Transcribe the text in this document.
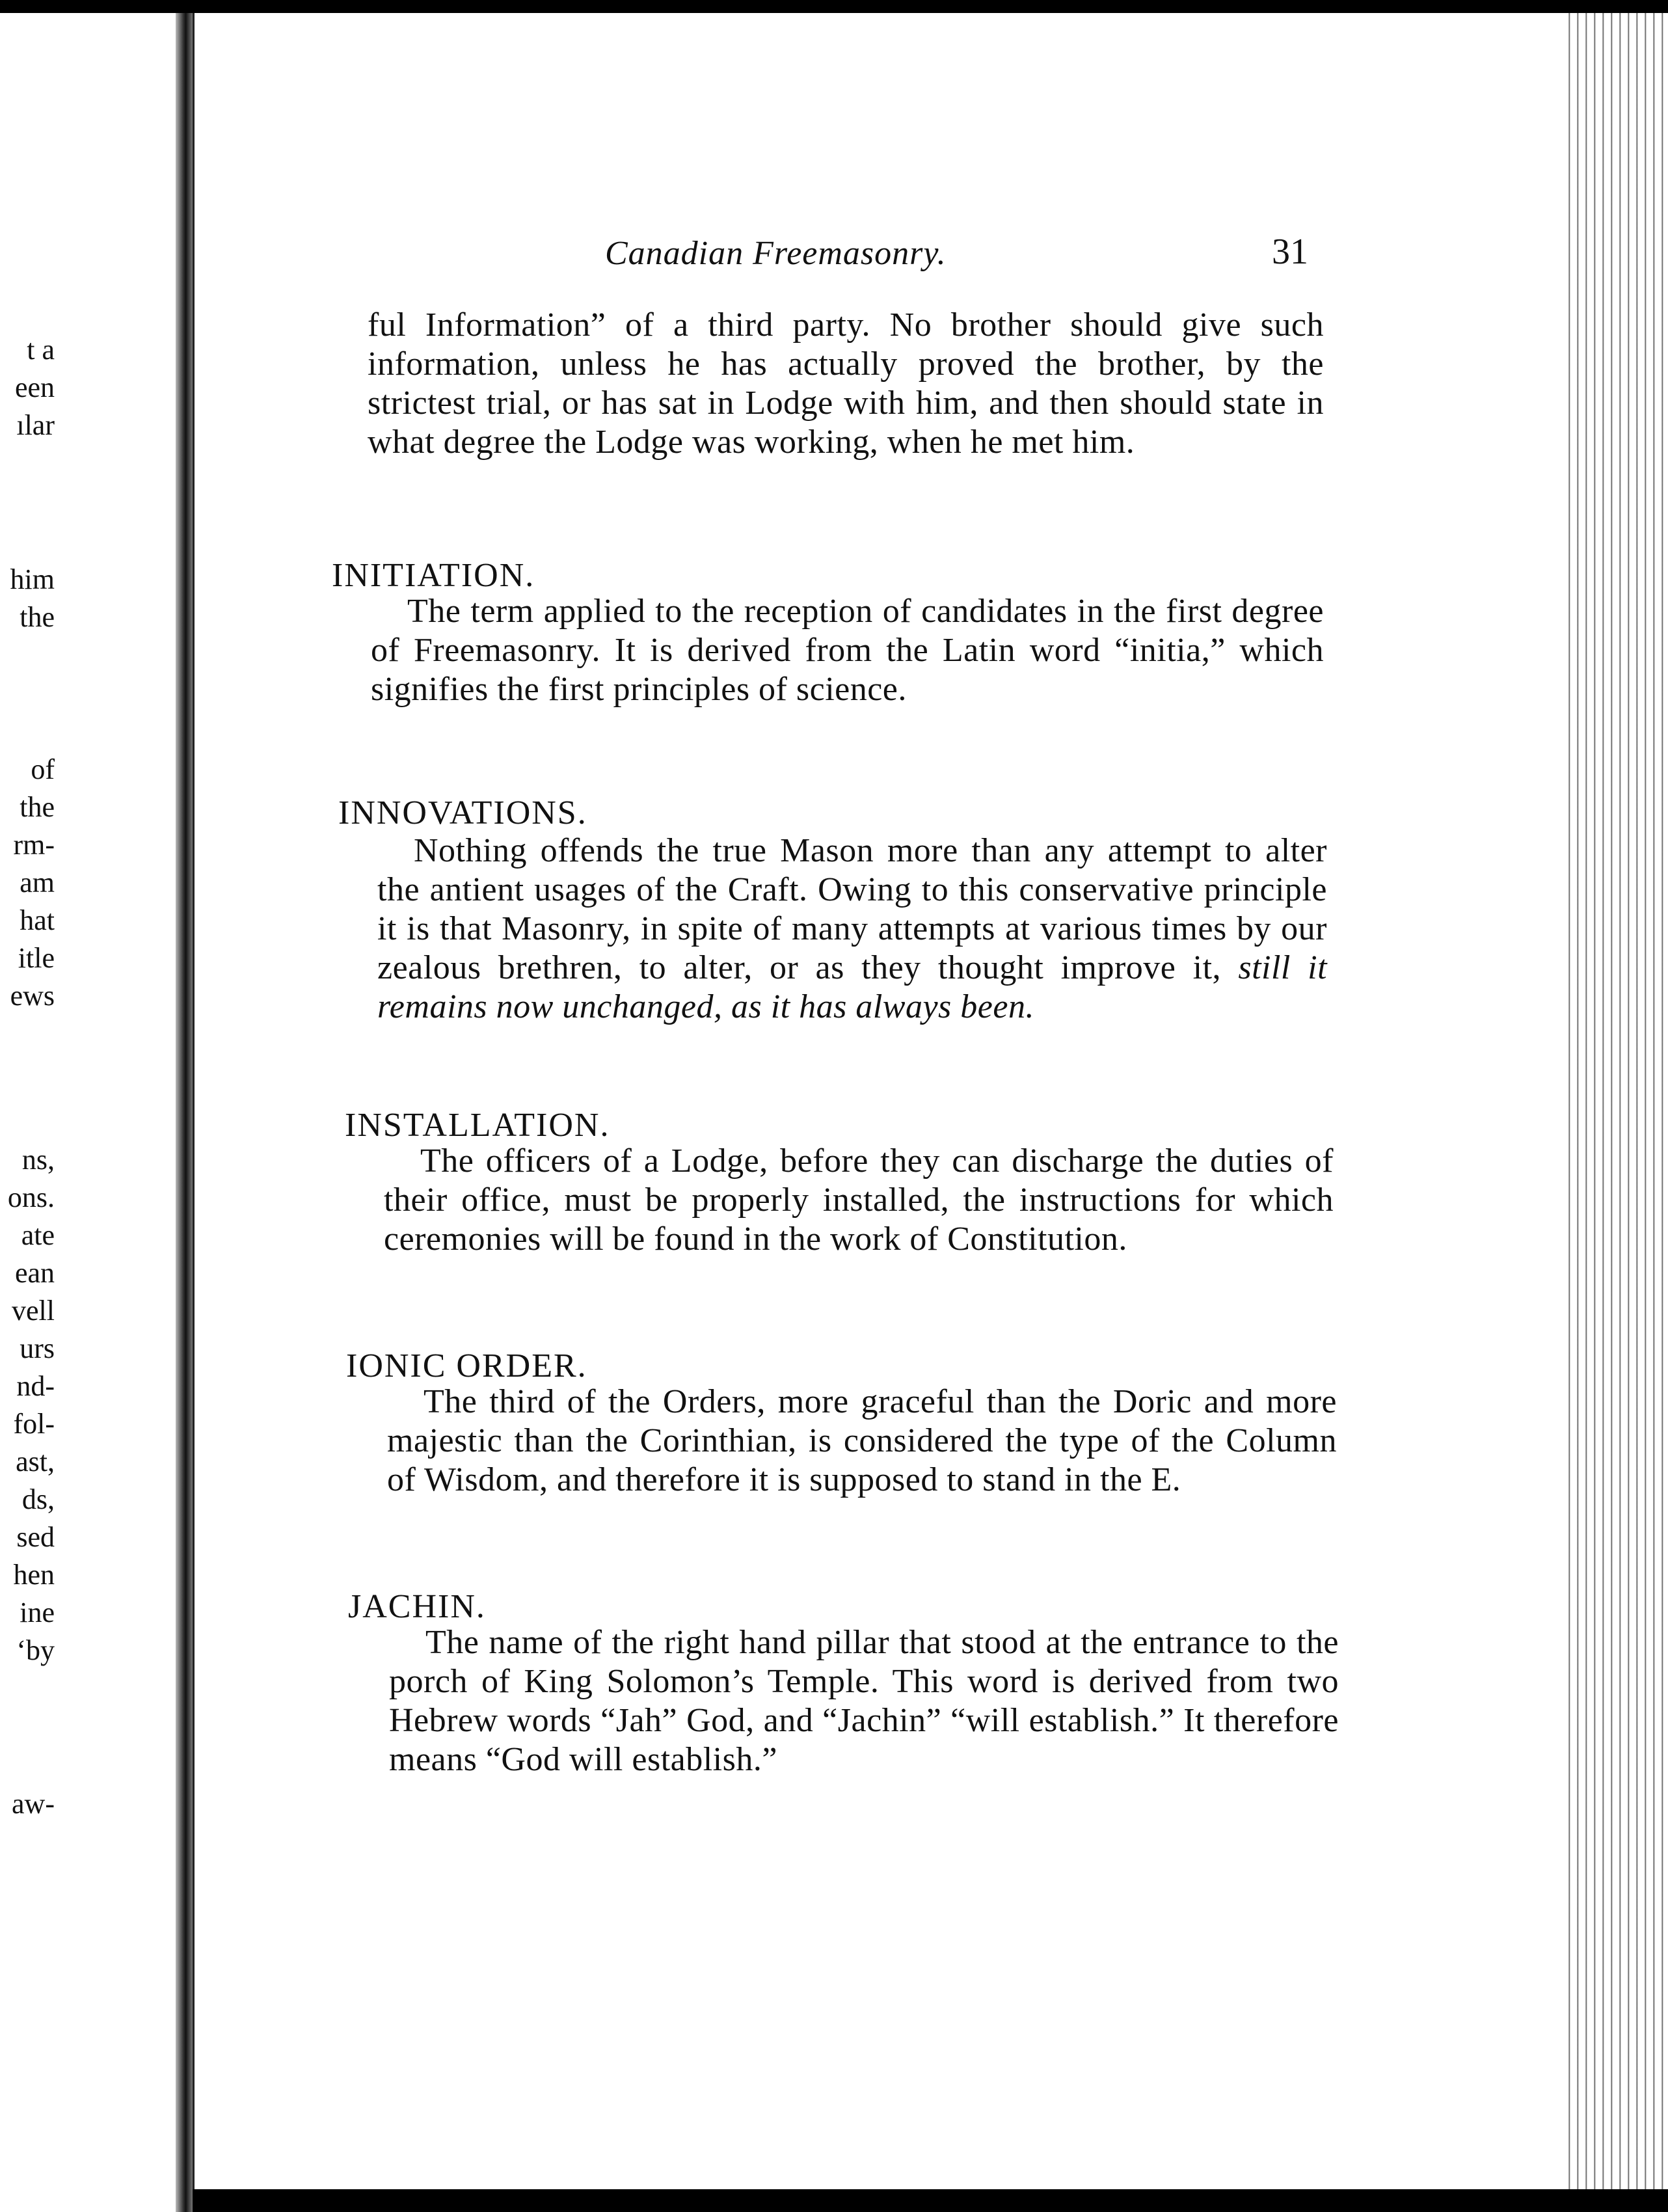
t a
een
ılar
him
the
of
the
rm-
am
hat
itle
ews
ns,
ons.
ate
ean
vell
urs
nd-
fol-
ast,
ds,
sed
hen
ine
‘by
aw-
Canadian Freemasonry.	31
ful Information” of a third party. No brother should give such information, unless he has actually proved the brother, by the strictest trial, or has sat in Lodge with him, and then should state in what degree the Lodge was working, when he met him.
INITIATION.
The term applied to the reception of candidates in the first degree of Freemasonry. It is derived from the Latin word “initia,” which signifies the first principles of science.
INNOVATIONS.
Nothing offends the true Mason more than any attempt to alter the antient usages of the Craft. Owing to this conservative principle it is that Masonry, in spite of many attempts at various times by our zealous brethren, to alter, or as they thought improve it, still it remains now unchanged, as it has always been.
INSTALLATION.
The officers of a Lodge, before they can discharge the duties of their office, must be properly installed, the instructions for which ceremonies will be found in the work of Constitution.
IONIC ORDER.
The third of the Orders, more graceful than the Doric and more majestic than the Corinthian, is considered the type of the Column of Wisdom, and therefore it is supposed to stand in the E.
JACHIN.
The name of the right hand pillar that stood at the entrance to the porch of King Solomon’s Temple. This word is derived from two Hebrew words “Jah” God, and “Jachin” “will establish.” It therefore means “God will establish.”
